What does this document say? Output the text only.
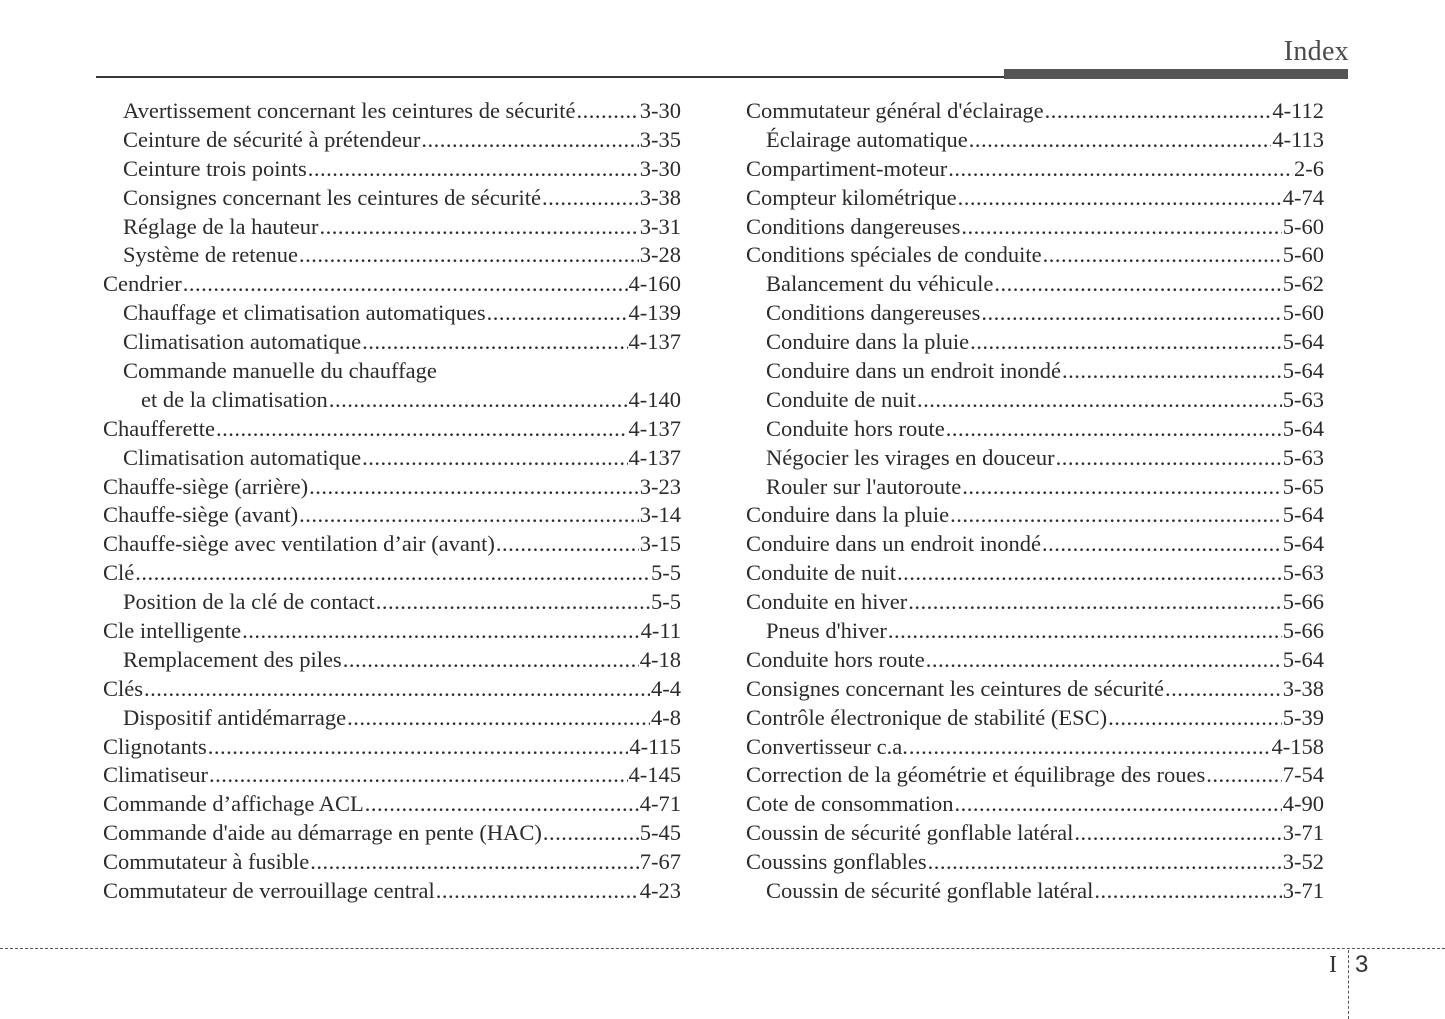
Index
Avertissement concernant les ceintures de sécurité .....	3-30
Ceinture de sécurité à prétendeur .....	3-35
Ceinture trois points .....	3-30
Consignes concernant les ceintures de sécurité .....	3-38
Réglage de la hauteur .....	3-31
Système de retenue .....	3-28
Cendrier .....	4-160
Chauffage et climatisation automatiques .....	4-139
Climatisation automatique .....	4-137
Commande manuelle du chauffage
et de la climatisation .....	4-140
Chaufferette .....	4-137
Climatisation automatique .....	4-137
Chauffe-siège (arrière) .....	3-23
Chauffe-siège (avant) .....	3-14
Chauffe-siège avec ventilation d’air (avant) .....	3-15
Clé .....	5-5
Position de la clé de contact .....	5-5
Cle intelligente .....	4-11
Remplacement des piles .....	4-18
Clés .....	4-4
Dispositif antidémarrage .....	4-8
Clignotants .....	4-115
Climatiseur .....	4-145
Commande d’affichage ACL .....	4-71
Commande d'aide au démarrage en pente (HAC) .....	5-45
Commutateur à fusible .....	7-67
Commutateur de verrouillage central .....	4-23
Commutateur général d'éclairage .....	4-112
Éclairage automatique .....	4-113
Compartiment-moteur .....	2-6
Compteur kilométrique .....	4-74
Conditions dangereuses .....	5-60
Conditions spéciales de conduite .....	5-60
Balancement du véhicule .....	5-62
Conditions dangereuses .....	5-60
Conduire dans la pluie .....	5-64
Conduire dans un endroit inondé .....	5-64
Conduite de nuit .....	5-63
Conduite hors route .....	5-64
Négocier les virages en douceur .....	5-63
Rouler sur l'autoroute .....	5-65
Conduire dans la pluie .....	5-64
Conduire dans un endroit inondé .....	5-64
Conduite de nuit .....	5-63
Conduite en hiver .....	5-66
Pneus d'hiver .....	5-66
Conduite hors route .....	5-64
Consignes concernant les ceintures de sécurité .....	3-38
Contrôle électronique de stabilité (ESC) .....	5-39
Convertisseur c.a. .....	4-158
Correction de la géométrie et équilibrage des roues .....	7-54
Cote de consommation .....	4-90
Coussin de sécurité gonflable latéral .....	3-71
Coussins gonflables .....	3-52
Coussin de sécurité gonflable latéral .....	3-71
I 3
